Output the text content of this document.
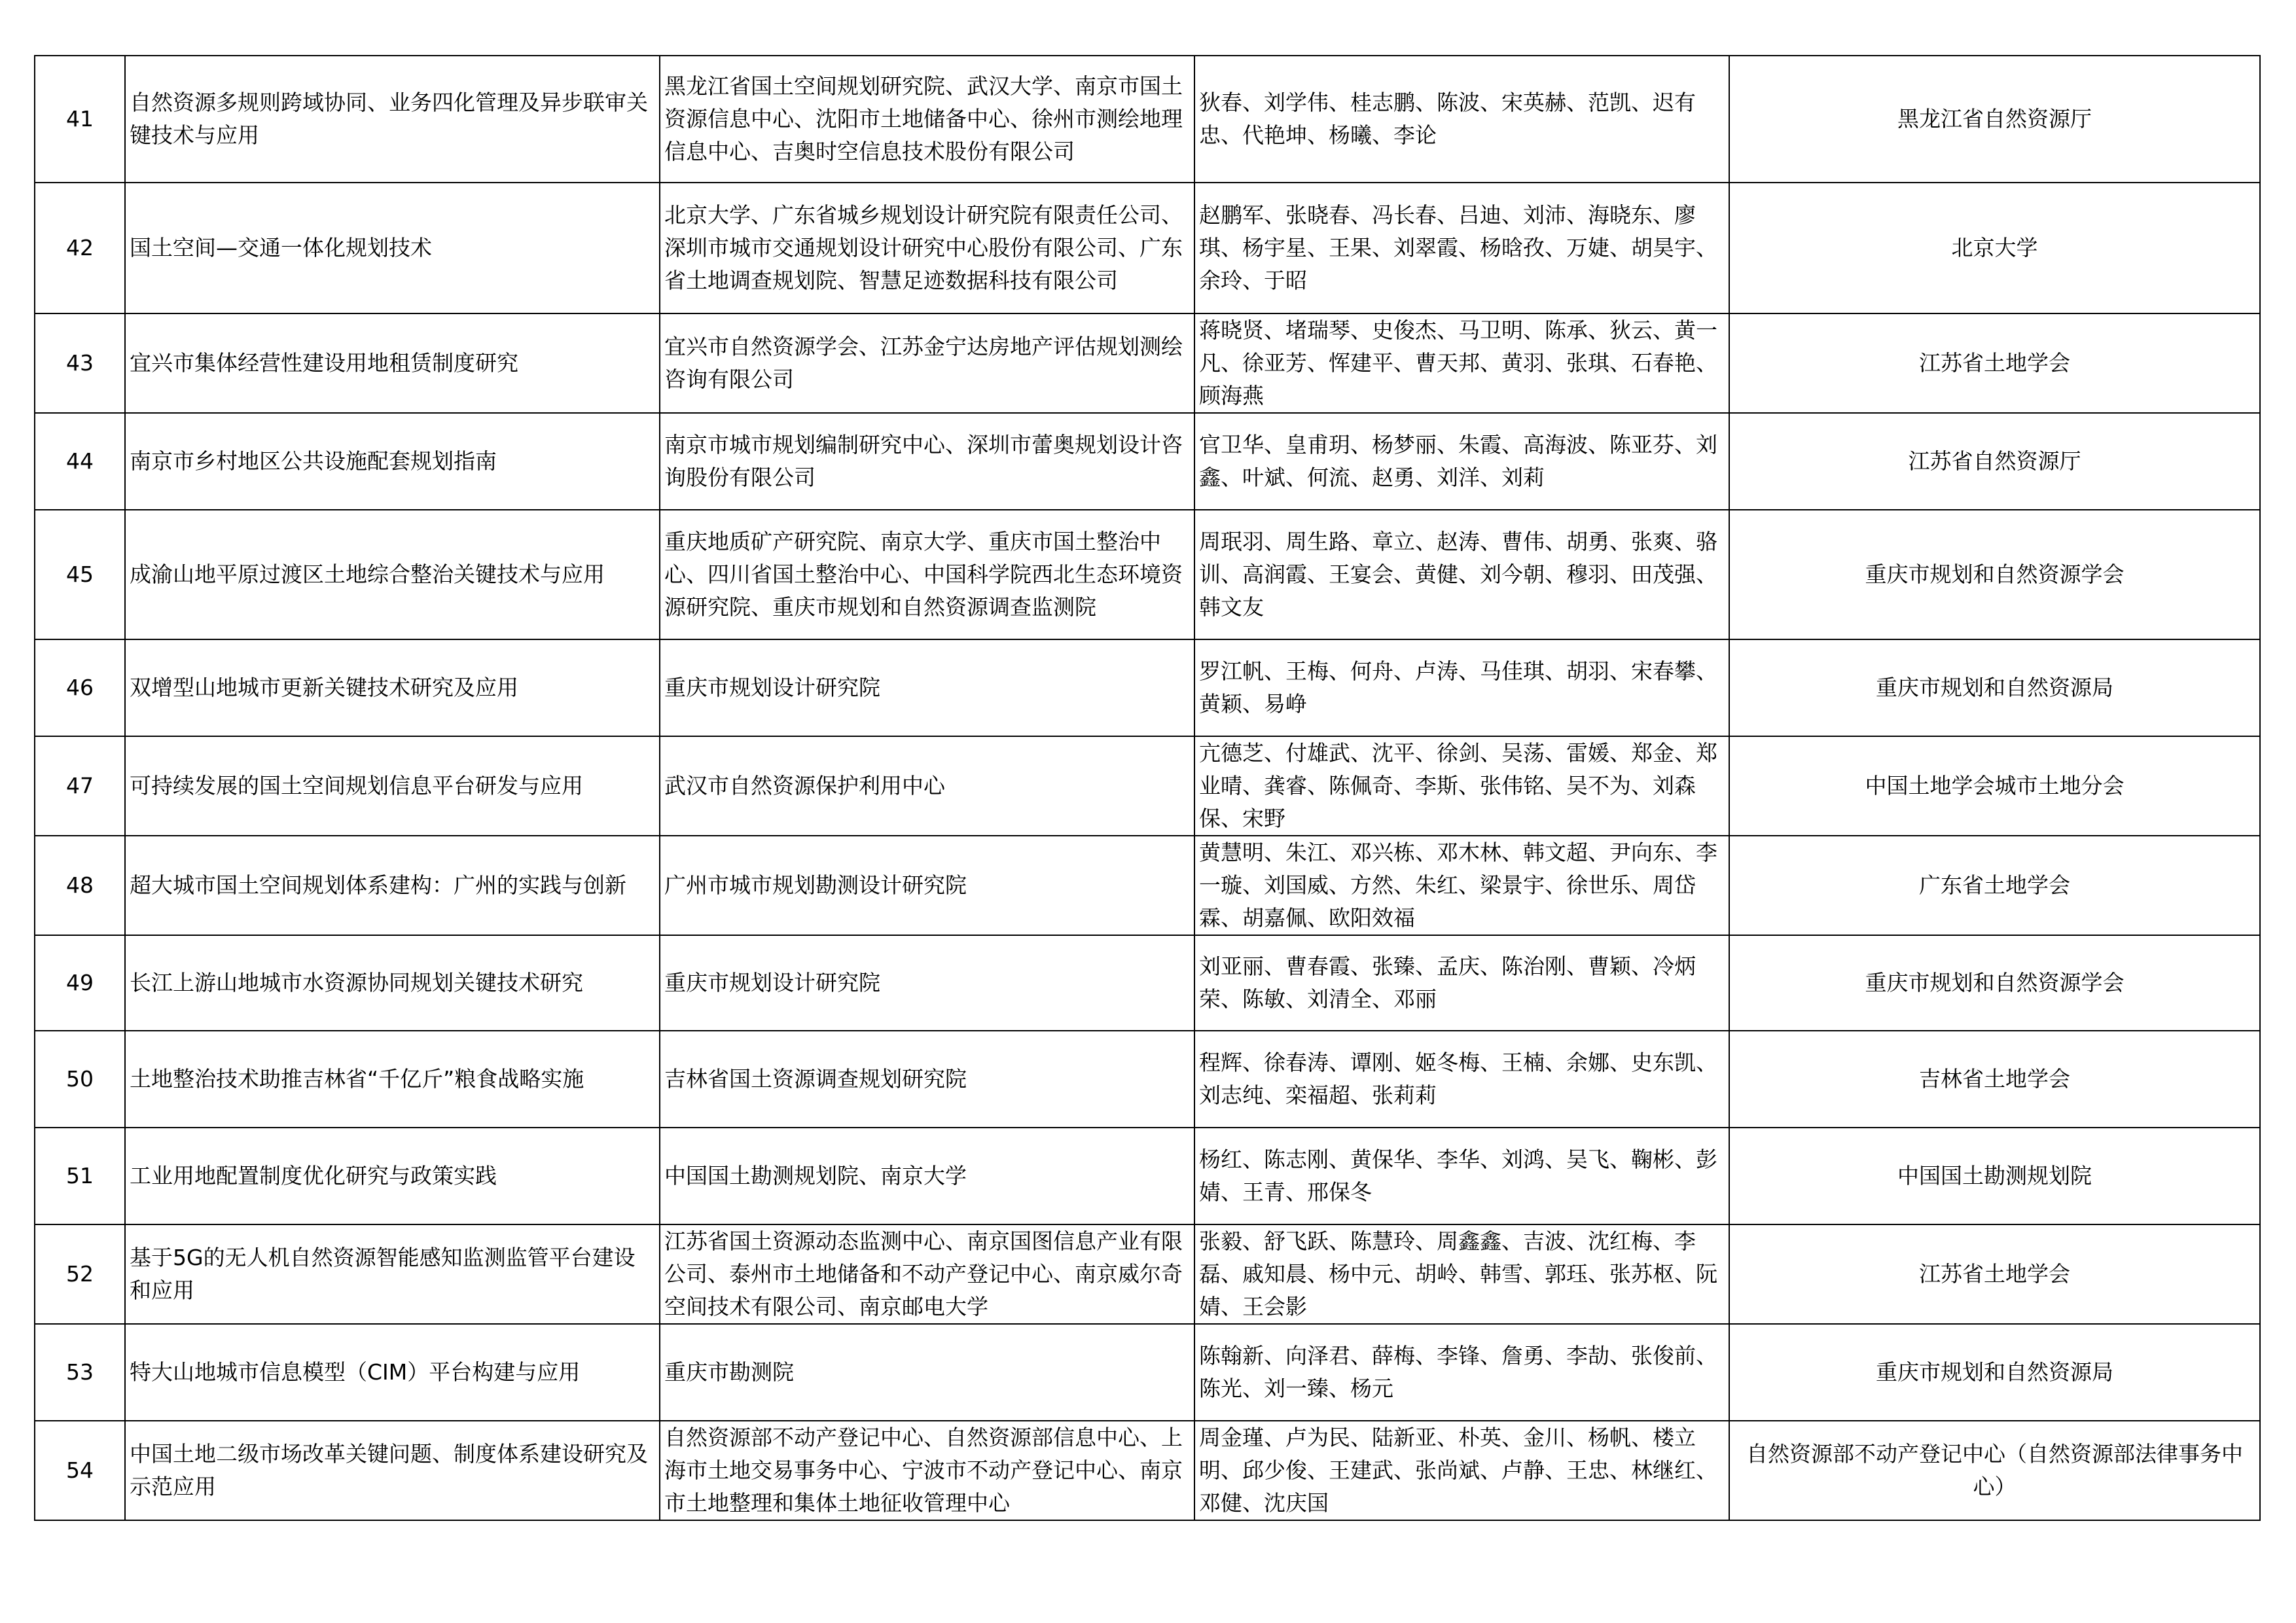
41	自然资源多规则跨域协同、业务四化管理及异步联审关键技术与应用	黑龙江省国土空间规划研究院、武汉大学、南京市国土资源信息中心、沈阳市土地储备中心、徐州市测绘地理信息中心、吉奥时空信息技术股份有限公司	狄春、刘学伟、桂志鹏、陈波、宋英赫、范凯、迟有忠、代艳坤、杨曦、李论	黑龙江省自然资源厅
42	国土空间—交通一体化规划技术	北京大学、广东省城乡规划设计研究院有限责任公司、深圳市城市交通规划设计研究中心股份有限公司、广东省土地调查规划院、智慧足迹数据科技有限公司	赵鹏军、张晓春、冯长春、吕迪、刘沛、海晓东、廖琪、杨宇星、王果、刘翠霞、杨晗孜、万婕、胡昊宇、余玲、于昭	北京大学
43	宜兴市集体经营性建设用地租赁制度研究	宜兴市自然资源学会、江苏金宁达房地产评估规划测绘咨询有限公司	蒋晓贤、堵瑞琴、史俊杰、马卫明、陈承、狄云、黄一凡、徐亚芳、恽建平、曹天邦、黄羽、张琪、石春艳、顾海燕	江苏省土地学会
44	南京市乡村地区公共设施配套规划指南	南京市城市规划编制研究中心、深圳市蕾奥规划设计咨询股份有限公司	官卫华、皇甫玥、杨梦丽、朱霞、高海波、陈亚芬、刘鑫、叶斌、何流、赵勇、刘洋、刘莉	江苏省自然资源厅
45	成渝山地平原过渡区土地综合整治关键技术与应用	重庆地质矿产研究院、南京大学、重庆市国土整治中心、四川省国土整治中心、中国科学院西北生态环境资源研究院、重庆市规划和自然资源调查监测院	周珉羽、周生路、章立、赵涛、曹伟、胡勇、张爽、骆训、高润霞、王宴会、黄健、刘今朝、穆羽、田茂强、韩文友	重庆市规划和自然资源学会
46	双增型山地城市更新关键技术研究及应用	重庆市规划设计研究院	罗江帆、王梅、何舟、卢涛、马佳琪、胡羽、宋春攀、黄颖、易峥	重庆市规划和自然资源局
47	可持续发展的国土空间规划信息平台研发与应用	武汉市自然资源保护利用中心	亢德芝、付雄武、沈平、徐剑、吴荡、雷媛、郑金、郑业晴、龚睿、陈佩奇、李斯、张伟铭、吴不为、刘森保、宋野	中国土地学会城市土地分会
48	超大城市国土空间规划体系建构：广州的实践与创新	广州市城市规划勘测设计研究院	黄慧明、朱江、邓兴栋、邓木林、韩文超、尹向东、李一璇、刘国威、方然、朱红、梁景宇、徐世乐、周岱霖、胡嘉佩、欧阳效福	广东省土地学会
49	长江上游山地城市水资源协同规划关键技术研究	重庆市规划设计研究院	刘亚丽、曹春霞、张臻、孟庆、陈治刚、曹颖、冷炳荣、陈敏、刘清全、邓丽	重庆市规划和自然资源学会
50	土地整治技术助推吉林省“千亿斤”粮食战略实施	吉林省国土资源调查规划研究院	程辉、徐春涛、谭刚、姬冬梅、王楠、余娜、史东凯、刘志纯、栾福超、张莉莉	吉林省土地学会
51	工业用地配置制度优化研究与政策实践	中国国土勘测规划院、南京大学	杨红、陈志刚、黄保华、李华、刘鸿、吴飞、鞠彬、彭婧、王青、邢保冬	中国国土勘测规划院
52	基于5G的无人机自然资源智能感知监测监管平台建设和应用	江苏省国土资源动态监测中心、南京国图信息产业有限公司、泰州市土地储备和不动产登记中心、南京威尔奇空间技术有限公司、南京邮电大学	张毅、舒飞跃、陈慧玲、周鑫鑫、吉波、沈红梅、李磊、戚知晨、杨中元、胡岭、韩雪、郭珏、张苏枢、阮婧、王会影	江苏省土地学会
53	特大山地城市信息模型（CIM）平台构建与应用	重庆市勘测院	陈翰新、向泽君、薛梅、李锋、詹勇、李劼、张俊前、陈光、刘一臻、杨元	重庆市规划和自然资源局
54	中国土地二级市场改革关键问题、制度体系建设研究及示范应用	自然资源部不动产登记中心、自然资源部信息中心、上海市土地交易事务中心、宁波市不动产登记中心、南京市土地整理和集体土地征收管理中心	周金瑾、卢为民、陆新亚、朴英、金川、杨帆、楼立明、邱少俊、王建武、张尚斌、卢静、王忠、林继红、邓健、沈庆国	自然资源部不动产登记中心（自然资源部法律事务中心）
